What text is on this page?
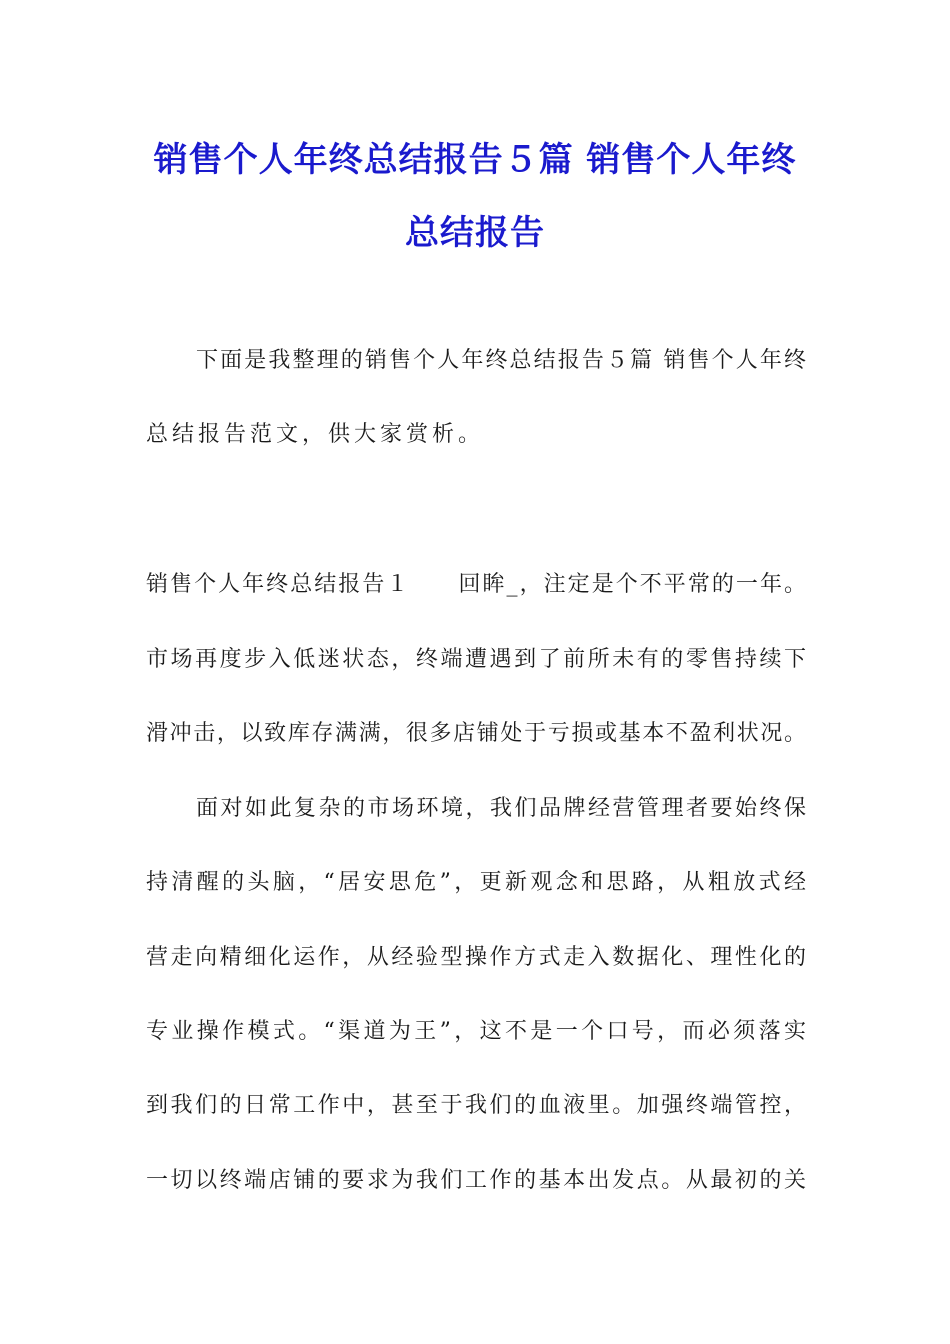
销售个人年终总结报告５篇 销售个人年终
总结报告
下面是我整理的销售个人年终总结报告５篇 销售个人年终
总结报告范文，供大家赏析。
销售个人年终总结报告１　　回眸_，注定是个不平常的一年。
市场再度步入低迷状态，终端遭遇到了前所未有的零售持续下
滑冲击，以致库存满满，很多店铺处于亏损或基本不盈利状况。
面对如此复杂的市场环境，我们品牌经营管理者要始终保
持清醒的头脑，“居安思危”，更新观念和思路，从粗放式经
营走向精细化运作，从经验型操作方式走入数据化、理性化的
专业操作模式。“渠道为王”，这不是一个口号，而必须落实
到我们的日常工作中，甚至于我们的血液里。加强终端管控，
一切以终端店铺的要求为我们工作的基本出发点。从最初的关
